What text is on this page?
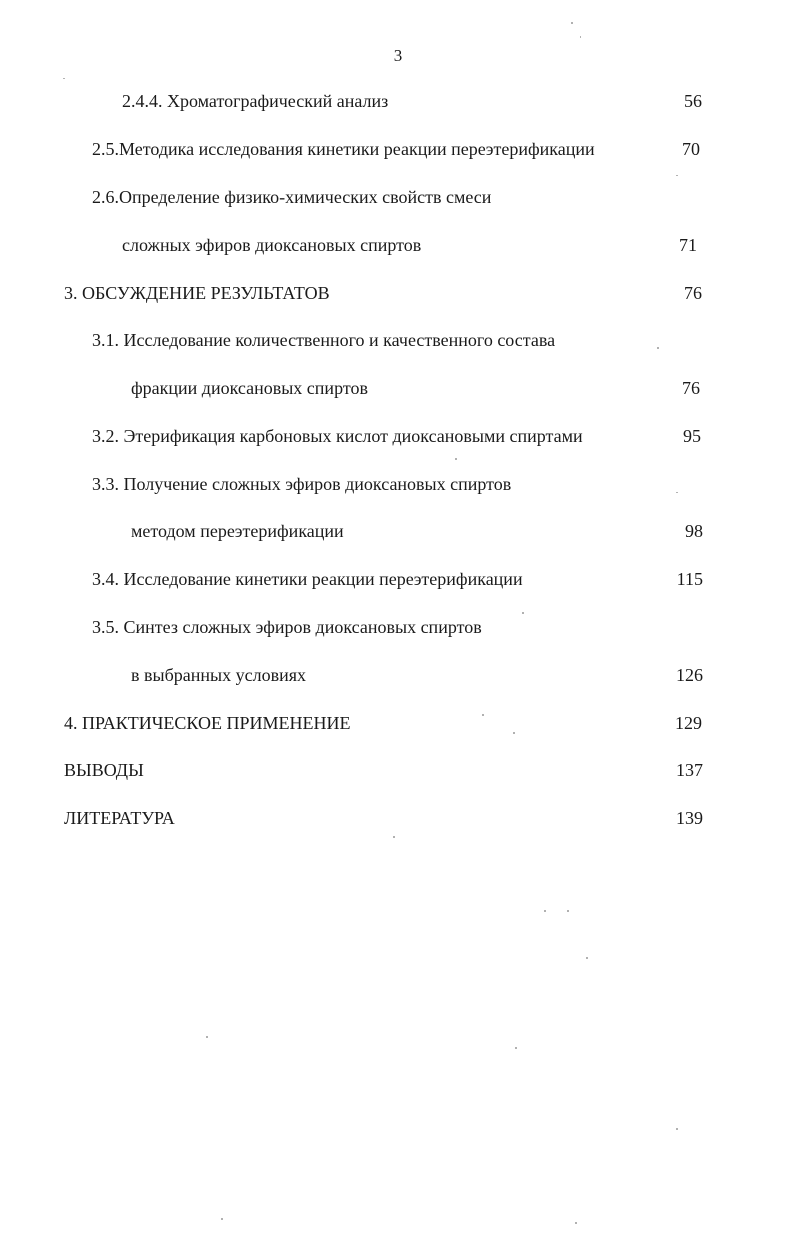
3
2.4.4. Хроматографический анализ	56
2.5.Методика исследования кинетики реакции переэтерификации	70
2.6.Определение физико-химических свойств смеси
сложных эфиров диоксановых спиртов	71
3. ОБСУЖДЕНИЕ РЕЗУЛЬТАТОВ	76
3.1. Исследование количественного и качественного состава
фракции диоксановых спиртов	76
3.2. Этерификация карбоновых кислот диоксановыми спиртами	95
3.3. Получение сложных эфиров диоксановых спиртов
методом переэтерификации	98
3.4. Исследование кинетики реакции переэтерификации	115
3.5. Синтез сложных эфиров диоксановых спиртов
в выбранных условиях	126
4. ПРАКТИЧЕСКОЕ ПРИМЕНЕНИЕ	129
ВЫВОДЫ	137
ЛИТЕРАТУРА	139
